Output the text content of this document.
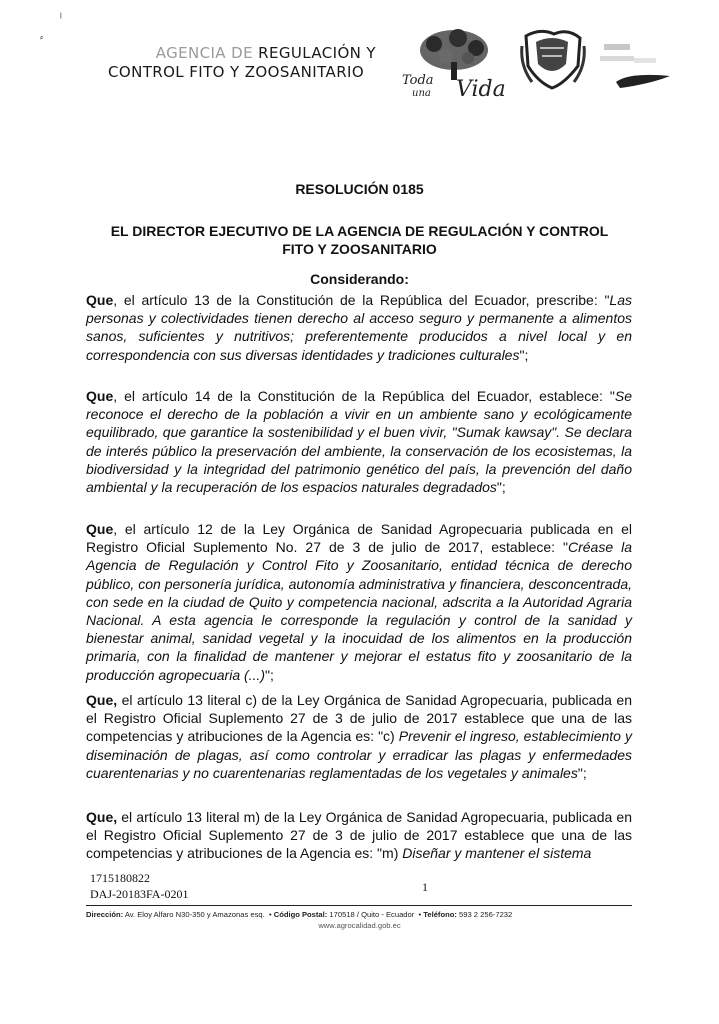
⸗
ˡ
AGENCIA DE REGULACIÓN Y
CONTROL FITO Y ZOOSANITARIO	Toda
una Vida
RESOLUCIÓN 0185
EL DIRECTOR EJECUTIVO DE LA AGENCIA DE REGULACIÓN Y CONTROL
FITO Y ZOOSANITARIO
Considerando:

Que, el artículo 13 de la Constitución de la República del Ecuador, prescribe: "Las personas y colectividades tienen derecho al acceso seguro y permanente a alimentos sanos, suficientes y nutritivos; preferentemente producidos a nivel local y en correspondencia con sus diversas identidades y tradiciones culturales";

Que, el artículo 14 de la Constitución de la República del Ecuador, establece: "Se reconoce el derecho de la población a vivir en un ambiente sano y ecológicamente equilibrado, que garantice la sostenibilidad y el buen vivir, "Sumak kawsay". Se declara de interés público la preservación del ambiente, la conservación de los ecosistemas, la biodiversidad y la integridad del patrimonio genético del país, la prevención del daño ambiental y la recuperación de los espacios naturales degradados";

Que, el artículo 12 de la Ley Orgánica de Sanidad Agropecuaria publicada en el Registro Oficial Suplemento No. 27 de 3 de julio de 2017, establece: "Créase la Agencia de Regulación y Control Fito y Zoosanitario, entidad técnica de derecho público, con personería jurídica, autonomía administrativa y financiera, desconcentrada, con sede en la ciudad de Quito y competencia nacional, adscrita a la Autoridad Agraria Nacional. A esta agencia le corresponde la regulación y control de la sanidad y bienestar animal, sanidad vegetal y la inocuidad de los alimentos en la producción primaria, con la finalidad de mantener y mejorar el estatus fito y zoosanitario de la producción agropecuaria (...)";

Que, el artículo 13 literal c) de la Ley Orgánica de Sanidad Agropecuaria, publicada en el Registro Oficial Suplemento 27 de 3 de julio de 2017 establece que una de las competencias y atribuciones de la Agencia es: "c) Prevenir el ingreso, establecimiento y diseminación de plagas, así como controlar y erradicar las plagas y enfermedades cuarentenarias y no cuarentenarias reglamentadas de los vegetales y animales";

Que, el artículo 13 literal m) de la Ley Orgánica de Sanidad Agropecuaria, publicada en el Registro Oficial Suplemento 27 de 3 de julio de 2017 establece que una de las competencias y atribuciones de la Agencia es: "m) Diseñar y mantener el sistema

1715180822
DAJ-20183FA-0201	1
Dirección: Av. Eloy Alfaro N30-350 y Amazonas esq.  • Código Postal: 170518 / Quito - Ecuador  • Teléfono: 593 2 256-7232
www.agrocalidad.gob.ec
